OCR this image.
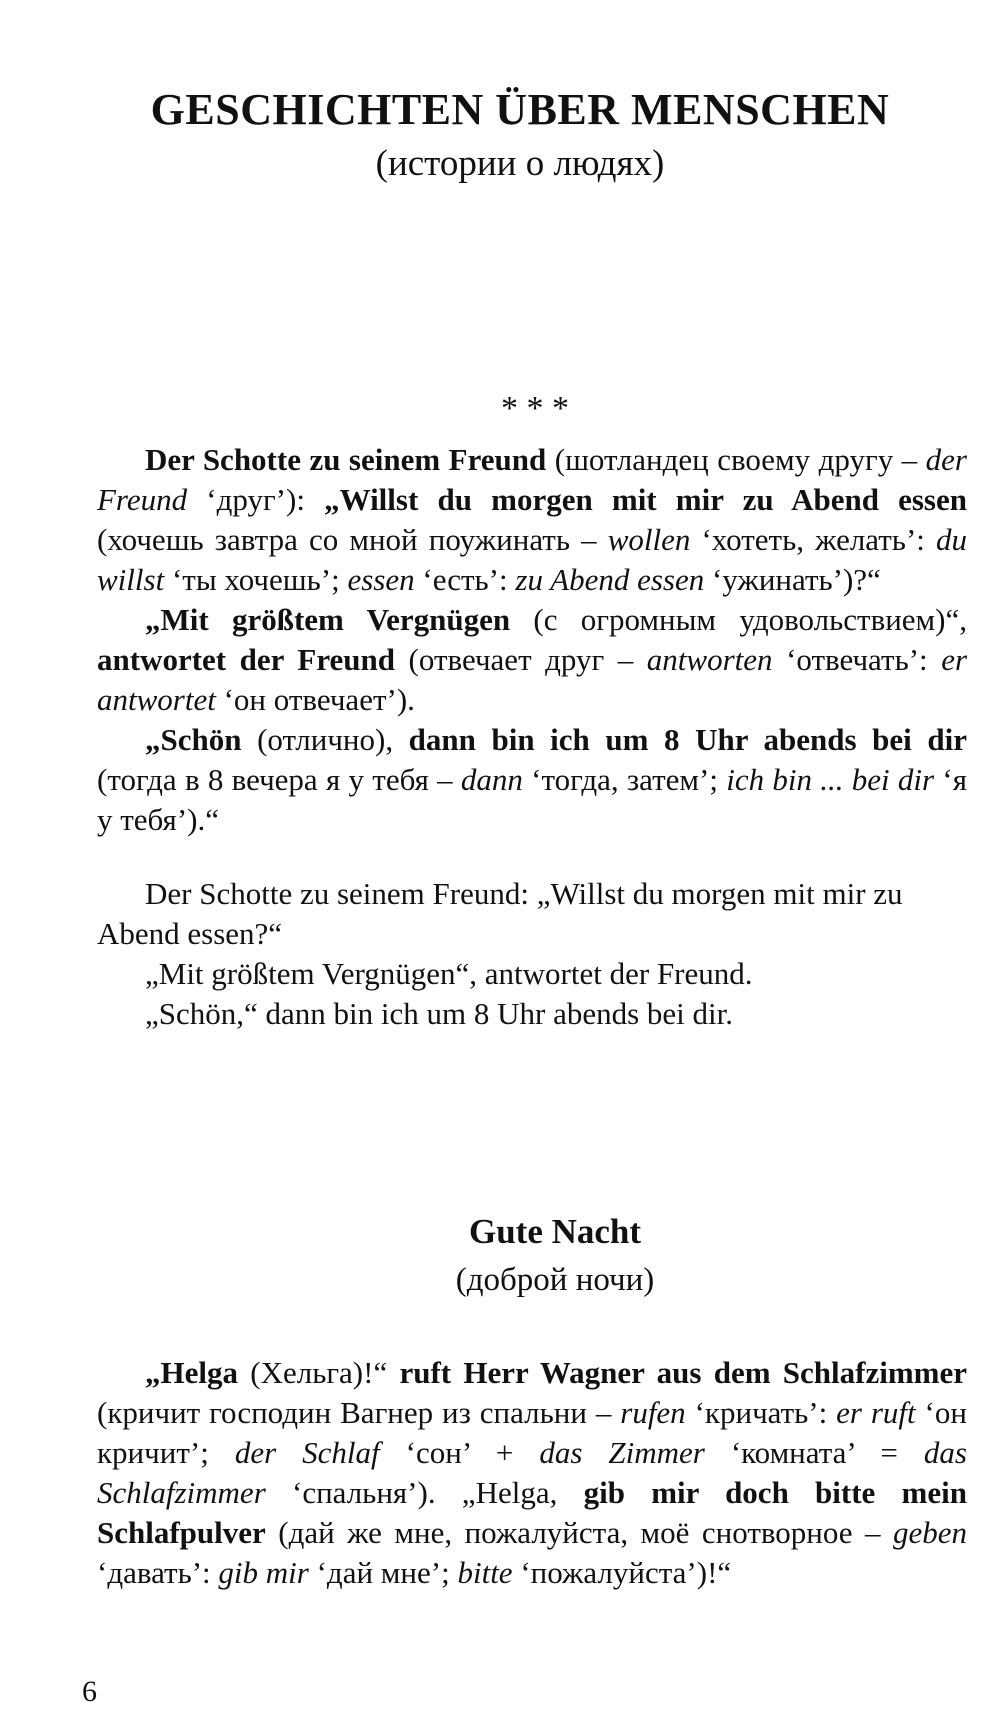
GESCHICHTEN ÜBER MENSCHEN
(истории о людях)
* * *

Der Schotte zu seinem Freund (шотландец своему другу – der Freund ‘друг’): „Willst du morgen mit mir zu Abend essen (хочешь завтра со мной поужинать – wollen ‘хотеть, желать’: du willst ‘ты хочешь’; essen ‘есть’: zu Abend essen ‘ужинать’)?“

„Mit größtem Vergnügen (с огромным удовольствием)“, antwortet der Freund (отвечает друг – antworten ‘отвечать’: er antwortet ‘он отвечает’).

„Schön (отлично), dann bin ich um 8 Uhr abends bei dir (тогда в 8 вечера я у тебя – dann ‘тогда, затем’; ich bin ... bei dir ‘я у тебя’).“

Der Schotte zu seinem Freund: „Willst du morgen mit mir zu Abend essen?“

„Mit größtem Vergnügen“, antwortet der Freund.

„Schön,“ dann bin ich um 8 Uhr abends bei dir.

Gute Nacht
(доброй ночи)

„Helga (Хельга)!“ ruft Herr Wagner aus dem Schlafzimmer (кричит господин Вагнер из спальни – rufen ‘кричать’: er ruft ‘он кричит’; der Schlaf ‘сон’ + das Zimmer ‘комната’ = das Schlafzimmer ‘спальня’). „Helga, gib mir doch bitte mein Schlafpulver (дай же мне, пожалуйста, моё снотворное – geben ‘давать’: gib mir ‘дай мне’; bitte ‘пожалуйста’)!“

6
